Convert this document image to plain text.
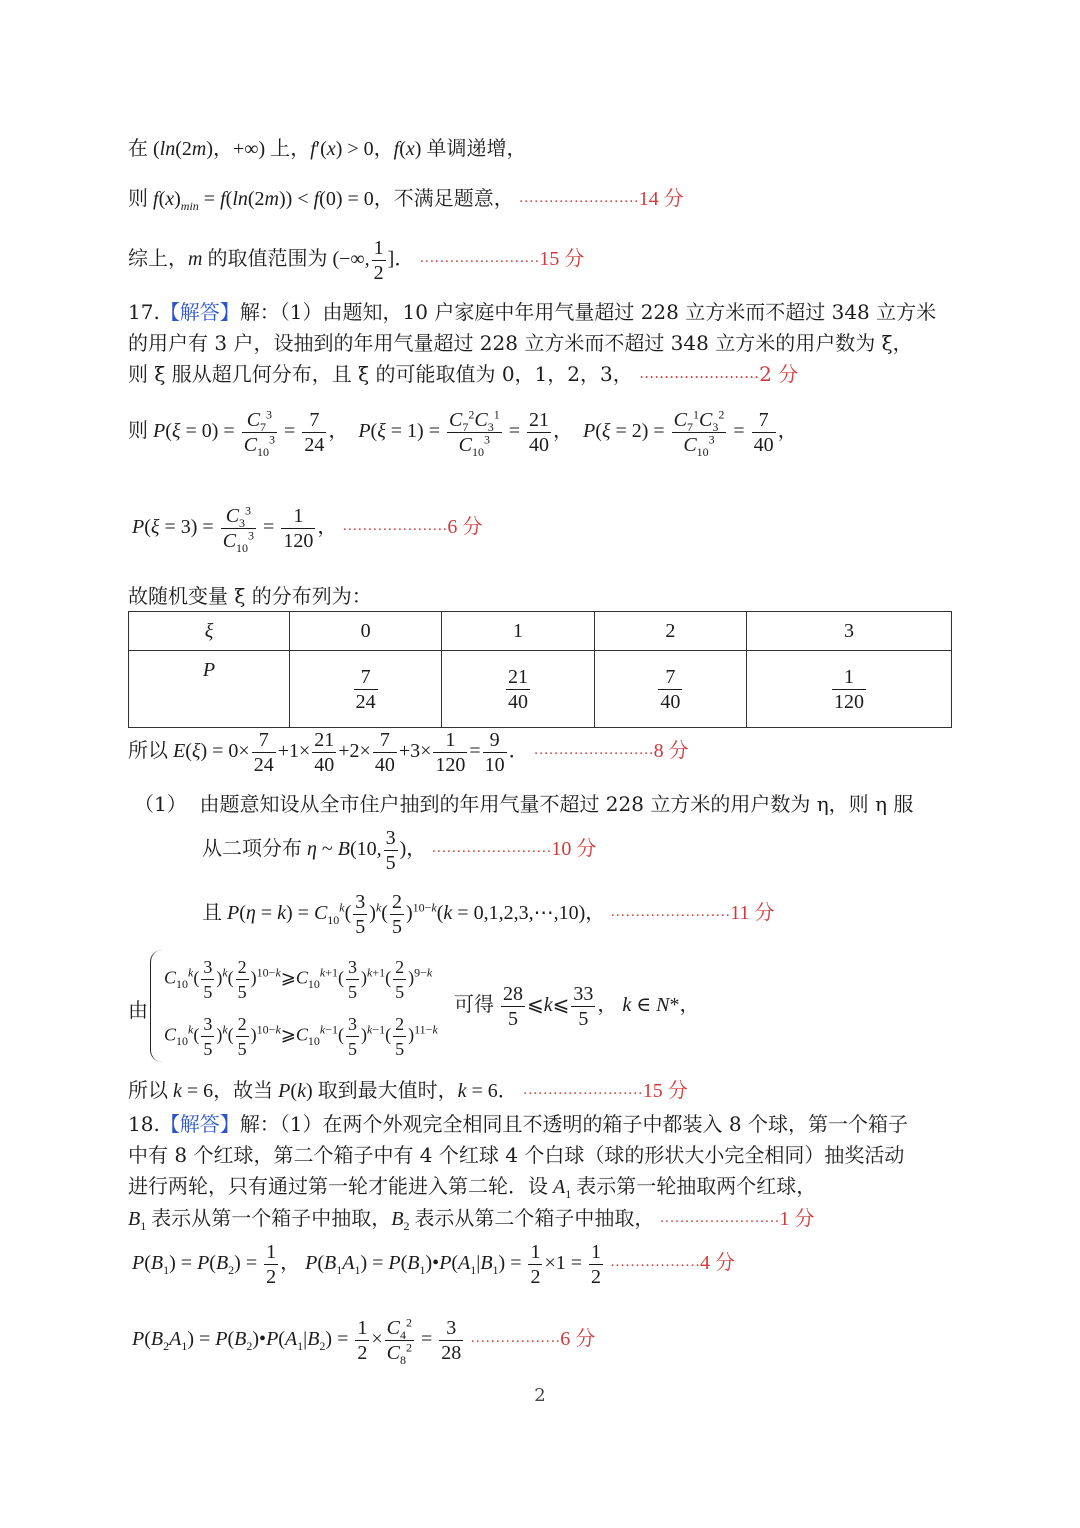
在 (ln(2m)，+∞) 上，f′(x) > 0，f(x) 单调递增，
则 $f(x)_{min} = f(\ln(2m)) < f(0) = 0$，不满足题意， ……………………14 分
综上，m 的取值范围为 (−∞, $\frac{1}{2}$ ]． ……………………15 分
17.【解答】解：（1）由题知，10 户家庭中年用气量超过 228 立方米而不超过 348 立方米
的用户有 3 户，设抽到的年用气量超过 228 立方米而不超过 348 立方米的用户数为 ξ，
则 ξ 服从超几何分布，且 ξ 的可能取值为 0，1，2，3， ……………………2 分
则 $P(\xi = 0) = \frac{C_7^3}{C_{10}^3} = \frac{7}{24}$ ，  $P(\xi = 1) = \frac{C_7^2C_3^1}{C_{10}^3} = \frac{21}{40}$ ，  $P(\xi = 2) = \frac{C_7^1C_3^2}{C_{10}^3} = \frac{7}{40}$ ，
$P(\xi = 3) = \frac{C_3^3}{C_{10}^3} = \frac{1}{120}$ ， …………………6 分
故随机变量 ξ 的分布列为：
ξ	0	1	2	3
P	$\frac{7}{24}$	$\frac{21}{40}$	$\frac{7}{40}$	$\frac{1}{120}$
所以 $E(\xi) = 0\times \frac{7}{24} +1\times \frac{21}{40} +2\times \frac{7}{40} +3\times \frac{1}{120} = \frac{9}{10}$ ． ……………………8 分
（1） 由题意知设从全市住户抽到的年用气量不超过 228 立方米的用户数为 η，则 η 服
从二项分布 η ~ B(10, $\frac{3}{5}$ )， ……………………10 分
且 $P(\eta = k) = C_{10}^k( \frac{3}{5} )^k( \frac{2}{5} )^{10-k}(k$ = 0,1,2,3,⋯,10)， ……………………11 分
由
$C_{10}^k( \frac{3}{5} )^k( \frac{2}{5}$ )$^{10-k}⩾C_{10}^{k+1}( \frac{3}{5} )^{k+1}( \frac{2}{5} )^{9-k}$
$C_{10}^k( \frac{3}{5} )^k( \frac{2}{5}$ )$^{10-k}⩾C_{10}^{k-1}( \frac{3}{5} )^{k-1}( \frac{2}{5} )^{11-k}$
可得 $\frac{28}{5}$ ⩽k⩽ $\frac{33}{5}$ ， k ∈ N*，
所以 k = 6，故当 P(k) 取到最大值时，k = 6． ……………………15 分
18.【解答】解：（1）在两个外观完全相同且不透明的箱子中都装入 8 个球，第一个箱子
中有 8 个红球，第二个箱子中有 4 个红球 4 个白球（球的形状大小完全相同）抽奖活动
进行两轮，只有通过第一轮才能进入第二轮．设 $A_1$ 表示第一轮抽取两个红球，
$B_1$ 表示从第一个箱子中抽取，$B_2$ 表示从第二个箱子中抽取， ……………………1 分
$P(B_1) = P(B_2) = \frac{1}{2}$ ， $P(B_1A_1)$ = $P(B_1)•P(A_1|B_1) = \frac{1}{2} \times 1 = \frac{1}{2}$ ………………4 分
$P(B_2A_1)$ = $P(B_2)•P(A_1|B_2) = \frac{1}{2} \times \frac{C_4^2}{C_8^2} = \frac{3}{28}$ ………………6 分
2
